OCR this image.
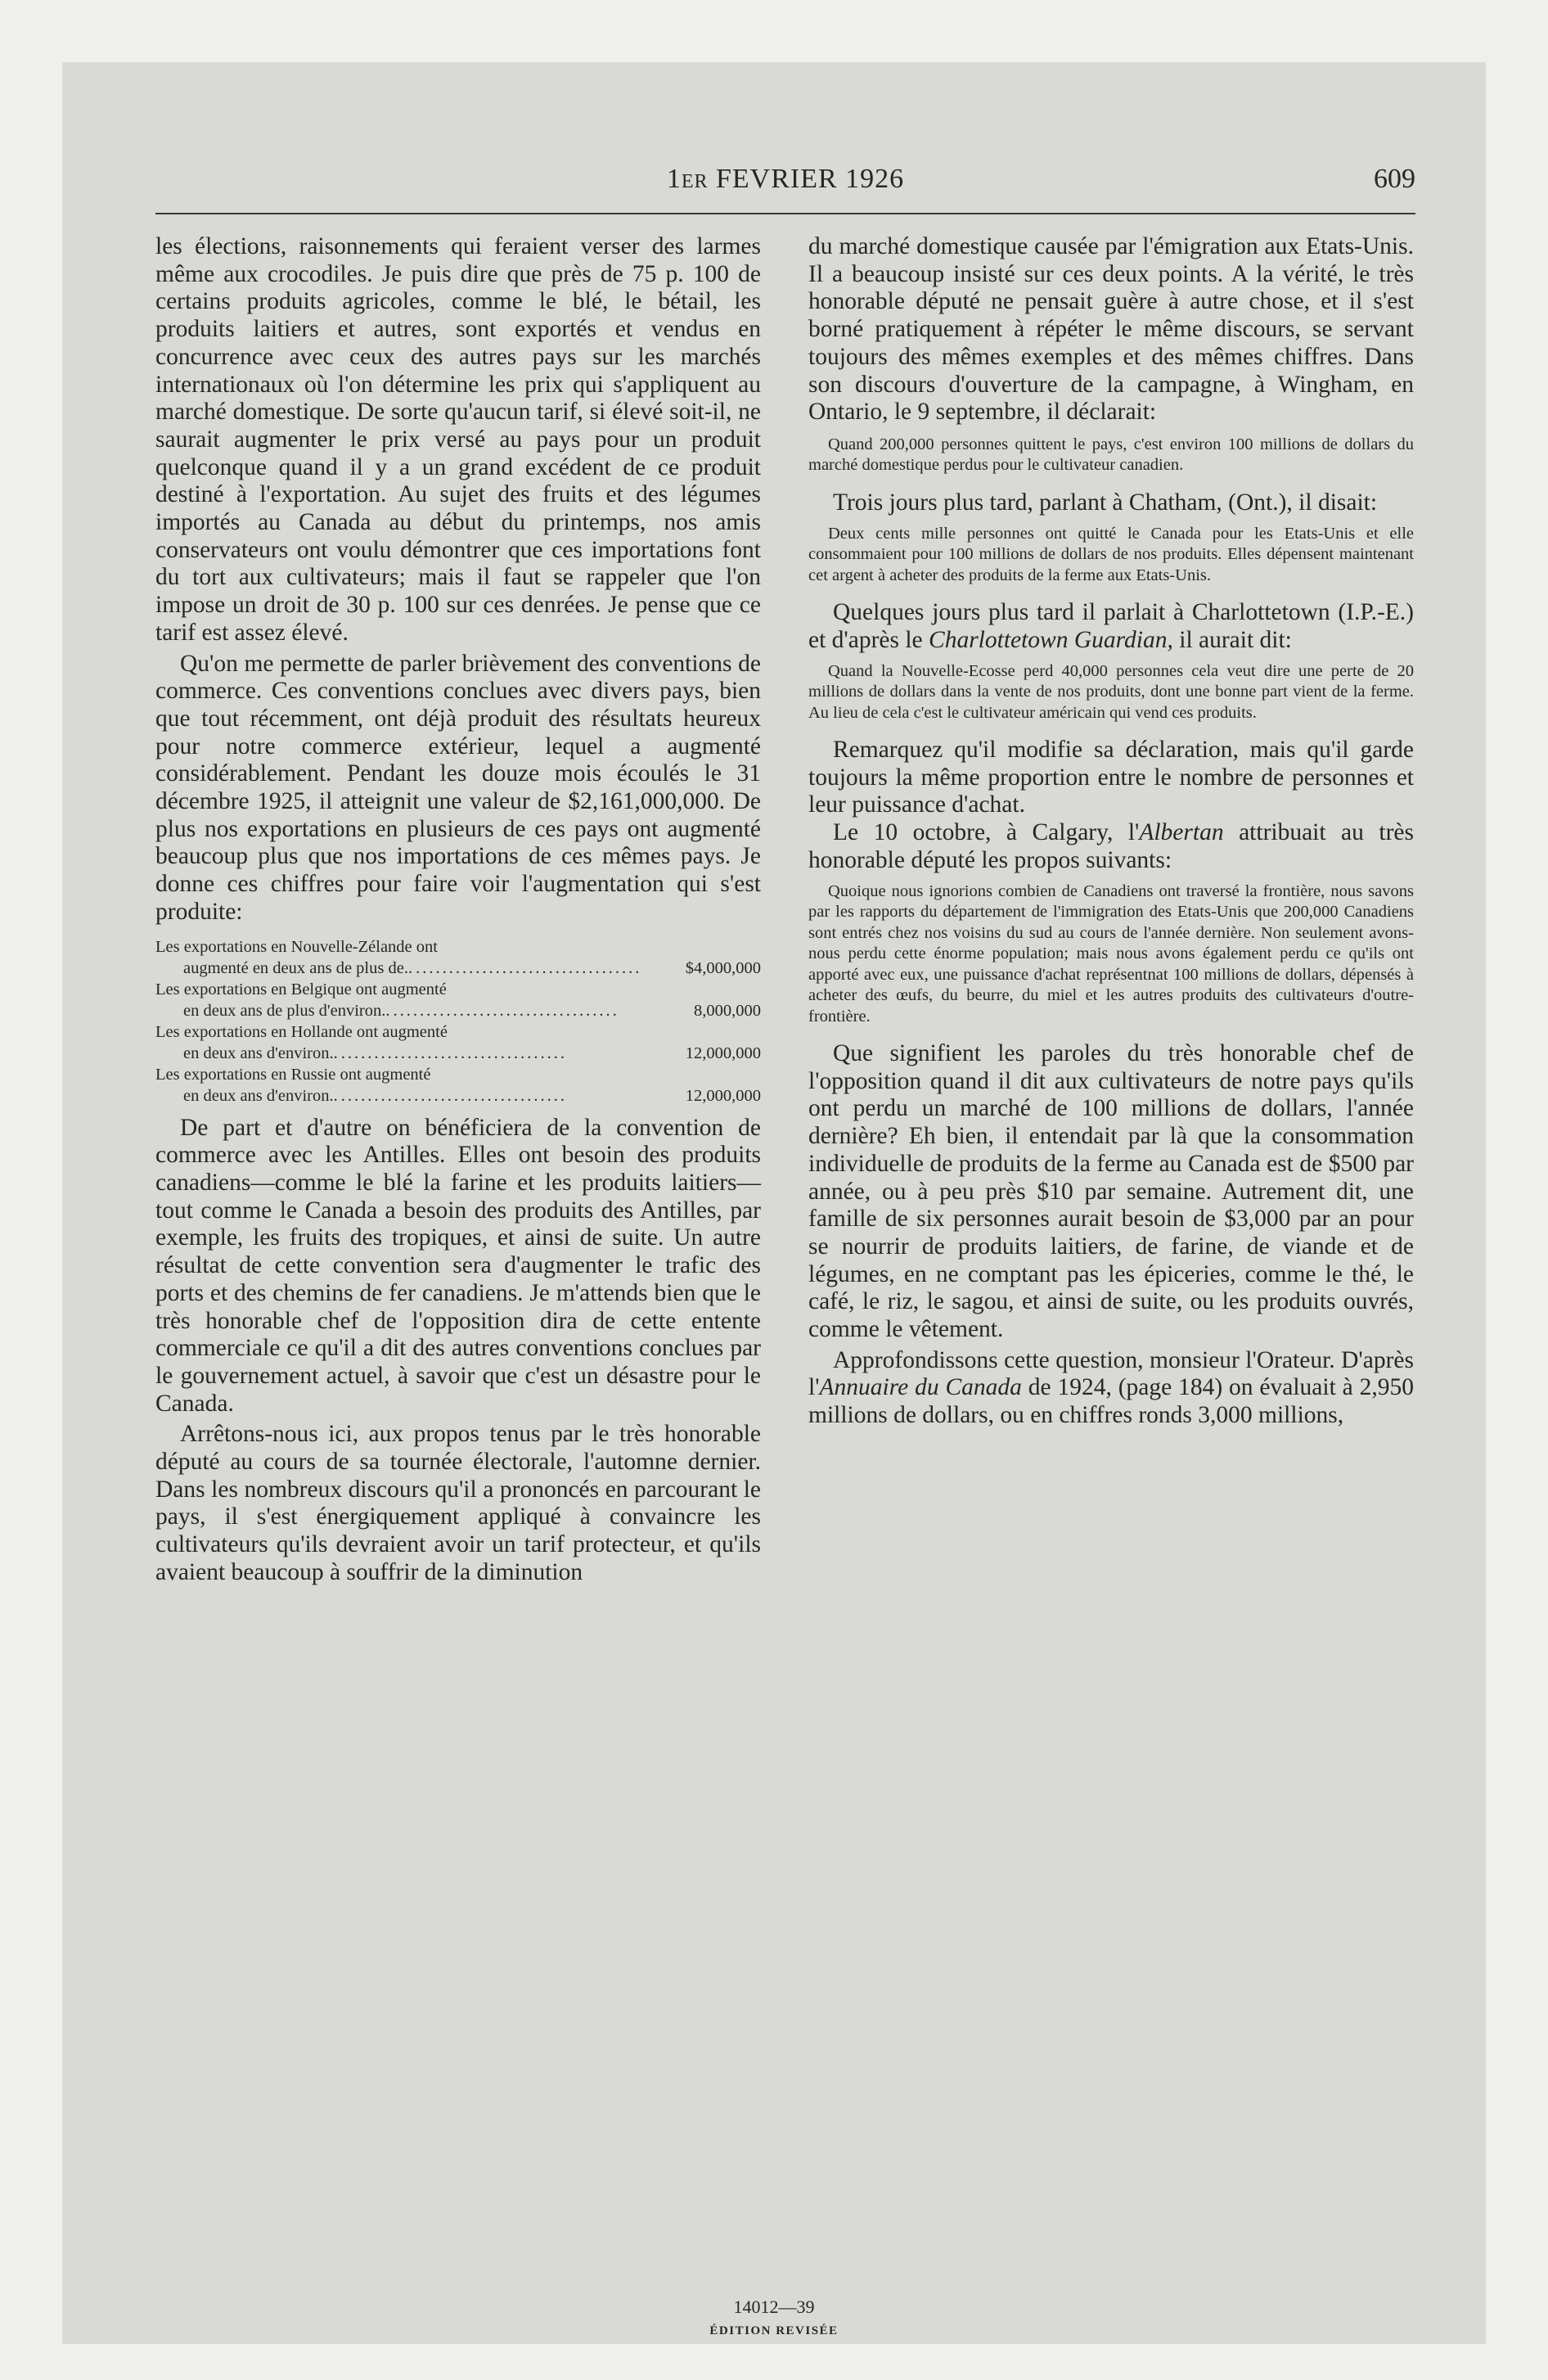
1ER FEVRIER 1926	609

les élections, raisonnements qui feraient verser des larmes même aux crocodiles. Je puis dire que près de 75 p. 100 de certains produits agricoles, comme le blé, le bétail, les produits laitiers et autres, sont exportés et vendus en concurrence avec ceux des autres pays sur les marchés internationaux où l'on détermine les prix qui s'appliquent au marché domestique. De sorte qu'aucun tarif, si élevé soit-il, ne saurait augmenter le prix versé au pays pour un produit quelconque quand il y a un grand excédent de ce produit destiné à l'exportation. Au sujet des fruits et des légumes importés au Canada au début du printemps, nos amis conservateurs ont voulu démontrer que ces importations font du tort aux cultivateurs; mais il faut se rappeler que l'on impose un droit de 30 p. 100 sur ces denrées. Je pense que ce tarif est assez élevé.

Qu'on me permette de parler brièvement des conventions de commerce. Ces conventions conclues avec divers pays, bien que tout récemment, ont déjà produit des résultats heureux pour notre commerce extérieur, lequel a augmenté considérablement. Pendant les douze mois écoulés le 31 décembre 1925, il atteignit une valeur de $2,161,000,000. De plus nos exportations en plusieurs de ces pays ont augmenté beaucoup plus que nos importations de ces mêmes pays. Je donne ces chiffres pour faire voir l'augmentation qui s'est produite:

Les exportations en Nouvelle-Zélande ont
augmenté en deux ans de plus de.. ..................................	$4,000,000
Les exportations en Belgique ont augmenté
en deux ans de plus d'environ.. ..................................	8,000,000
Les exportations en Hollande ont augmenté
en deux ans d'environ.. ..................................	12,000,000
Les exportations en Russie ont augmenté
en deux ans d'environ.. ..................................	12,000,000

De part et d'autre on bénéficiera de la convention de commerce avec les Antilles. Elles ont besoin des produits canadiens—comme le blé la farine et les produits laitiers—tout comme le Canada a besoin des produits des Antilles, par exemple, les fruits des tropiques, et ainsi de suite. Un autre résultat de cette convention sera d'augmenter le trafic des ports et des chemins de fer canadiens. Je m'attends bien que le très honorable chef de l'opposition dira de cette entente commerciale ce qu'il a dit des autres conventions conclues par le gouvernement actuel, à savoir que c'est un désastre pour le Canada.

Arrêtons-nous ici, aux propos tenus par le très honorable député au cours de sa tournée électorale, l'automne dernier. Dans les nombreux discours qu'il a prononcés en parcourant le pays, il s'est énergiquement appliqué à convaincre les cultivateurs qu'ils devraient avoir un tarif protecteur, et qu'ils avaient beaucoup à souffrir de la diminution

du marché domestique causée par l'émigration aux Etats-Unis. Il a beaucoup insisté sur ces deux points. A la vérité, le très honorable député ne pensait guère à autre chose, et il s'est borné pratiquement à répéter le même discours, se servant toujours des mêmes exemples et des mêmes chiffres. Dans son discours d'ouverture de la campagne, à Wingham, en Ontario, le 9 septembre, il déclarait:

Quand 200,000 personnes quittent le pays, c'est environ 100 millions de dollars du marché domestique perdus pour le cultivateur canadien.

Trois jours plus tard, parlant à Chatham, (Ont.), il disait:

Deux cents mille personnes ont quitté le Canada pour les Etats-Unis et elle consommaient pour 100 millions de dollars de nos produits. Elles dépensent maintenant cet argent à acheter des produits de la ferme aux Etats-Unis.

Quelques jours plus tard il parlait à Charlottetown (I.P.-E.) et d'après le Charlottetown Guardian, il aurait dit:

Quand la Nouvelle-Ecosse perd 40,000 personnes cela veut dire une perte de 20 millions de dollars dans la vente de nos produits, dont une bonne part vient de la ferme. Au lieu de cela c'est le cultivateur américain qui vend ces produits.

Remarquez qu'il modifie sa déclaration, mais qu'il garde toujours la même proportion entre le nombre de personnes et leur puissance d'achat.

Le 10 octobre, à Calgary, l'Albertan attribuait au très honorable député les propos suivants:

Quoique nous ignorions combien de Canadiens ont traversé la frontière, nous savons par les rapports du département de l'immigration des Etats-Unis que 200,000 Canadiens sont entrés chez nos voisins du sud au cours de l'année dernière. Non seulement avons-nous perdu cette énorme population; mais nous avons également perdu ce qu'ils ont apporté avec eux, une puissance d'achat représentnat 100 millions de dollars, dépensés à acheter des œufs, du beurre, du miel et les autres produits des cultivateurs d'outre-frontière.

Que signifient les paroles du très honorable chef de l'opposition quand il dit aux cultivateurs de notre pays qu'ils ont perdu un marché de 100 millions de dollars, l'année dernière? Eh bien, il entendait par là que la consommation individuelle de produits de la ferme au Canada est de $500 par année, ou à peu près $10 par semaine. Autrement dit, une famille de six personnes aurait besoin de $3,000 par an pour se nourrir de produits laitiers, de farine, de viande et de légumes, en ne comptant pas les épiceries, comme le thé, le café, le riz, le sagou, et ainsi de suite, ou les produits ouvrés, comme le vêtement.

Approfondissons cette question, monsieur l'Orateur. D'après l'Annuaire du Canada de 1924, (page 184) on évaluait à 2,950 millions de dollars, ou en chiffres ronds 3,000 millions,

14012—39
ÉDITION REVISÉE
